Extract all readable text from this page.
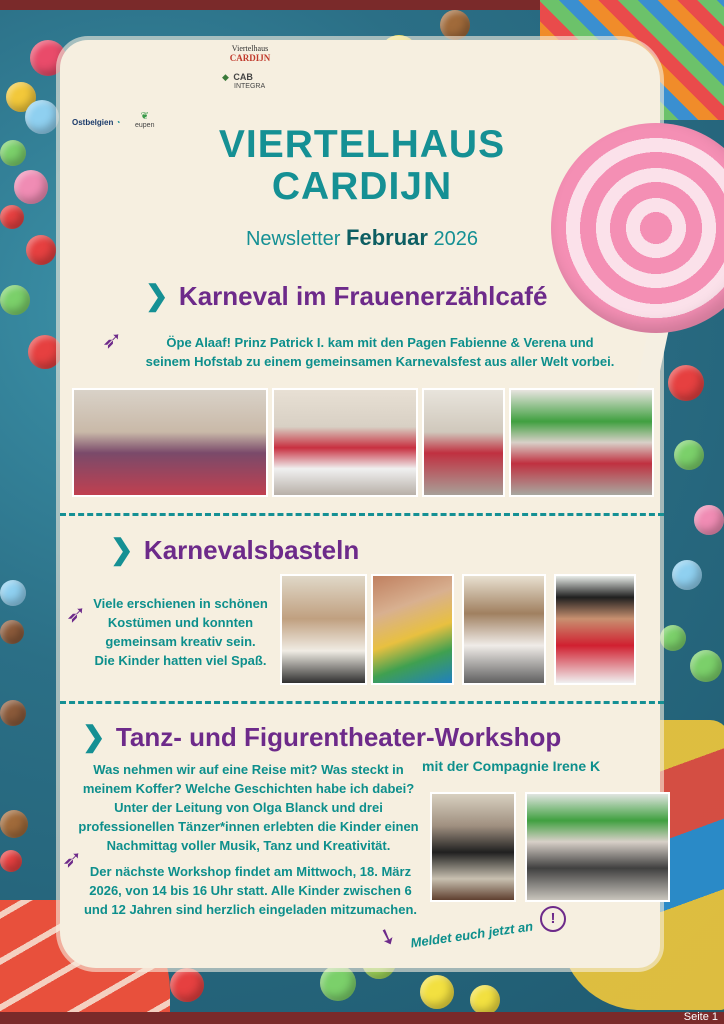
Viertelhaus
CARDIJN
◆ CAB
INTEGRA
Ostbelgien ◔
❦
eupen	VIERTELHAUS
CARDIJN
Newsletter Februar 2026
❯ Karneval im Frauenerzählcafé
➶	Öpe Alaaf! Prinz Patrick I. kam mit den Pagen Fabienne & Verena und
seinem Hofstab zu einem gemeinsamen Karnevalsfest aus aller Welt vorbei.
❯ Karnevalsbasteln
➶ Viele erschienen in schönen
Kostümen und konnten
gemeinsam kreativ sein.
Die Kinder hatten viel Spaß.
❯ Tanz- und Figurentheater-Workshop
mit der Compagnie Irene K
Was nehmen wir auf eine Reise mit? Was steckt in
meinem Koffer? Welche Geschichten habe ich dabei?
Unter der Leitung von Olga Blanck und drei
professionellen Tänzer*innen erlebten die Kinder einen
Nachmittag voller Musik, Tanz und Kreativität.
➶ Der nächste Workshop findet am Mittwoch, 18. März
2026, von 14 bis 16 Uhr statt. Alle Kinder zwischen 6
und 12 Jahren sind herzlich eingeladen mitzumachen.
➘ Meldet euch jetzt an	!
Seite 1
